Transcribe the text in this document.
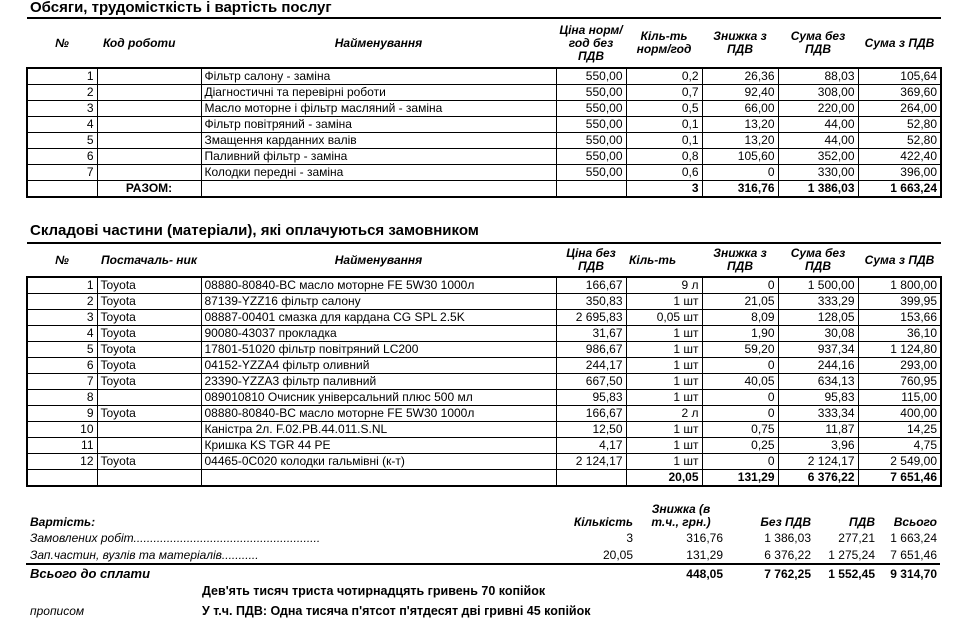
Обсяги, трудомісткість і вартість послуг
№	Код роботи	Найменування	Ціна норм/год без ПДВ	Кіль-ть норм/год	Знижка з ПДВ	Сума без ПДВ	Сума з ПДВ
1		Фільтр салону - заміна	550,00	0,2	26,36	88,03	105,64
2		Діагностичні та перевірні роботи	550,00	0,7	92,40	308,00	369,60
3		Масло моторне і фільтр масляний - заміна	550,00	0,5	66,00	220,00	264,00
4		Фільтр повітряний - заміна	550,00	0,1	13,20	44,00	52,80
5		Змащення карданних валів	550,00	0,1	13,20	44,00	52,80
6		Паливний фільтр - заміна	550,00	0,8	105,60	352,00	422,40
7		Колодки передні - заміна	550,00	0,6	0	330,00	396,00
	РАЗОМ:			3	316,76	1 386,03	1 663,24
Складові частини (матеріали), які оплачуються замовником
№	Постачаль- ник	Найменування	Ціна без ПДВ	Кіль-ть	Знижка з ПДВ	Сума без ПДВ	Сума з ПДВ
1	Toyota	08880-80840-BC масло моторне FE 5W30 1000л	166,67	9 л	0	1 500,00	1 800,00
2	Toyota	87139-YZZ16 фільтр салону	350,83	1 шт	21,05	333,29	399,95
3	Toyota	08887-00401 смазка для кардана CG SPL 2.5K	2 695,83	0,05 шт	8,09	128,05	153,66
4	Toyota	90080-43037 прокладка	31,67	1 шт	1,90	30,08	36,10
5	Toyota	17801-51020 фільтр повітряний LC200	986,67	1 шт	59,20	937,34	1 124,80
6	Toyota	04152-YZZA4 фільтр оливний	244,17	1 шт	0	244,16	293,00
7	Toyota	23390-YZZA3 фільтр паливний	667,50	1 шт	40,05	634,13	760,95
8		089010810 Очисник універсальний плюс 500 мл	95,83	1 шт	0	95,83	115,00
9	Toyota	08880-80840-BC масло моторне FE 5W30 1000л	166,67	2 л	0	333,34	400,00
10		Каністра 2л. F.02.PB.44.011.S.NL	12,50	1 шт	0,75	11,87	14,25
11		Кришка KS TGR 44 PE	4,17	1 шт	0,25	3,96	4,75
12	Toyota	04465-0C020 колодки гальмівні (к-т)	2 124,17	1 шт	0	2 124,17	2 549,00
				20,05	131,29	6 376,22	7 651,46
Вартість:	Кількість	Знижка (в т.ч., грн.)	Без ПДВ	ПДВ	Всього
Замовлених робіт........................................................	3	316,76	1 386,03	277,21	1 663,24
Зап.частин, вузлів та матеріалів...........	20,05	131,29	6 376,22	1 275,24	7 651,46
Всього до сплати		448,05	7 762,25	1 552,45	9 314,70
Дев'ять тисяч триста чотирнадцять гривень 70 копійок
У т.ч. ПДВ: Одна тисяча п'ятсот п'ятдесят дві гривні 45 копійок
прописом
